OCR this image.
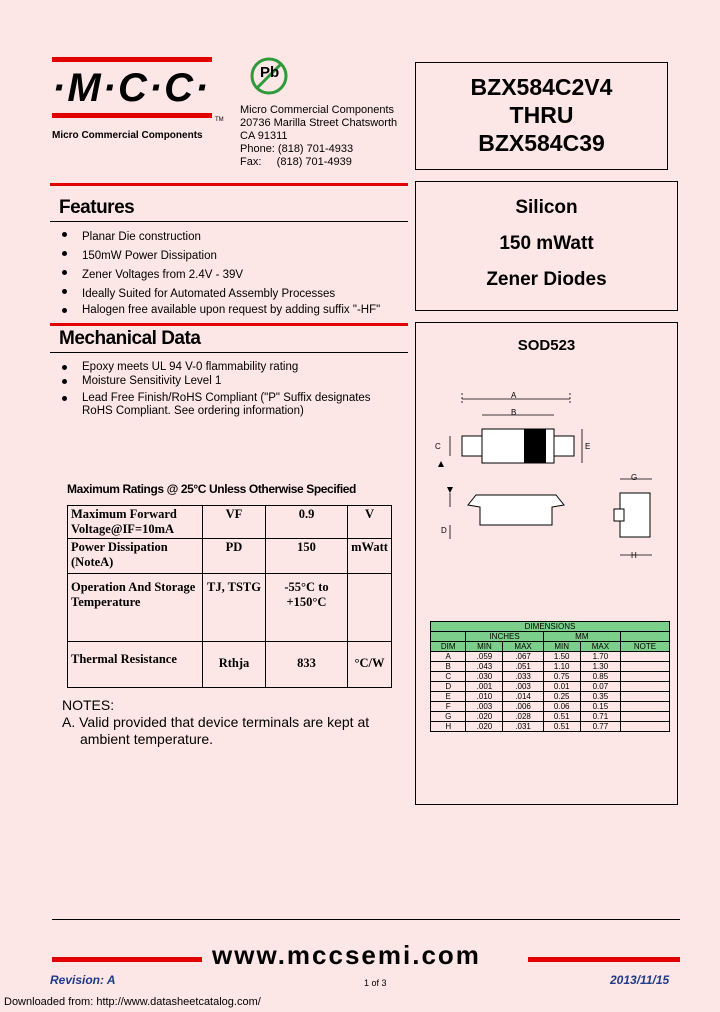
·M·C·C·
TM
Micro Commercial Components
Pb
Micro Commercial Components
20736 Marilla Street Chatsworth
CA 91311
Phone: (818) 701-4933
Fax:     (818) 701-4939
BZX584C2V4
THRU
BZX584C39
Silicon
150 mWatt
Zener Diodes
Features
Planar Die construction
150mW Power Dissipation
Zener Voltages from 2.4V - 39V
Ideally Suited for Automated Assembly Processes
Halogen free available upon request by adding suffix "-HF"
Mechanical Data
Epoxy meets UL 94 V-0 flammability rating
Moisture Sensitivity Level 1
Lead Free Finish/RoHS Compliant ("P" Suffix designates RoHS Compliant. See ordering information)
Maximum Ratings @ 25°C Unless Otherwise Specified
Maximum Forward Voltage@IF=10mA	VF	0.9	V
Power Dissipation (NoteA)	PD	150	mWatt
Operation And Storage Temperature	TJ, TSTG	-55°C to +150°C	
Thermal Resistance	Rthja	833	°C/W
NOTES:
A. Valid provided that device terminals are kept at
ambient temperature.
SOD523
A
B
C	E
D
G
H
DIMENSIONS					
	INCHES		MM		
DIM	MIN	MAX	MIN	MAX	NOTE
A	.059	.067	1.50	1.70	
B	.043	.051	1.10	1.30	
C	.030	.033	0.75	0.85	
D	.001	.003	0.01	0.07	
E	.010	.014	0.25	0.35	
F	.003	.006	0.06	0.15	
G	.020	.028	0.51	0.71	
H	.020	.031	0.51	0.77	
www.mccsemi.com
Revision: A	1 of 3	2013/11/15
Downloaded from: http://www.datasheetcatalog.com/
